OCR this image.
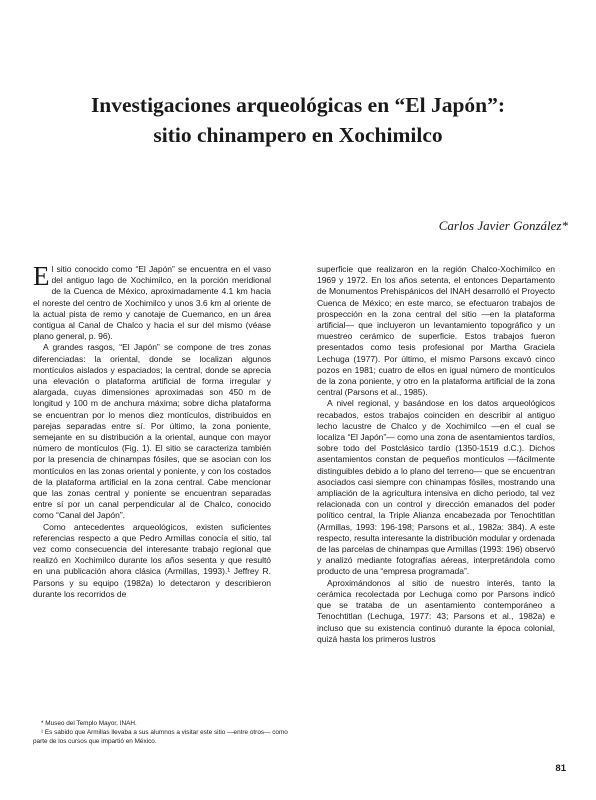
Investigaciones arqueológicas en “El Japón”:
sitio chinampero en Xochimilco
Carlos Javier González*

El sitio conocido como “El Japón” se encuentra en el vaso del antiguo lago de Xochimilco, en la porción meridional de la Cuenca de México, aproximadamente 4.1 km hacia el noreste del centro de Xochimilco y unos 3.6 km al oriente de la actual pista de remo y canotaje de Cuemanco, en un área contigua al Canal de Chalco y hacia el sur del mismo (véase plano general, p. 96).

A grandes rasgos, “El Japón” se compone de tres zonas diferenciadas: la oriental, donde se localizan algunos montículos aislados y espaciados; la central, donde se aprecia una elevación o plataforma artificial de forma irregular y alargada, cuyas dimensiones aproximadas son 450 m de longitud y 100 m de anchura máxima; sobre dicha plataforma se encuentran por lo menos diez montículos, distribuidos en parejas separadas entre sí. Por último, la zona poniente, semejante en su distribución a la oriental, aunque con mayor número de montículos (Fig. 1). El sitio se caracteriza también por la presencia de chinampas fósiles, que se asocian con los montículos en las zonas oriental y poniente, y con los costados de la plataforma artificial en la zona central. Cabe mencionar que las zonas central y poniente se encuentran separadas entre sí por un canal perpendicular al de Chalco, conocido como “Canal del Japón”.

Como antecedentes arqueológicos, existen suficientes referencias respecto a que Pedro Armillas conocía el sitio, tal vez como consecuencia del interesante trabajo regional que realizó en Xochimilco durante los años sesenta y que resultó en una publicación ahora clásica (Armillas, 1993).¹ Jeffrey R. Parsons y su equipo (1982a) lo detectaron y describieron durante los recorridos de

superficie que realizaron en la región Chalco-Xochimilco en 1969 y 1972. En los años setenta, el entonces Departamento de Monumentos Prehispánicos del INAH desarrolló el Proyecto Cuenca de México; en este marco, se efectuaron trabajos de prospección en la zona central del sitio —en la plataforma artificial— que incluyeron un levantamiento topográfico y un muestreo cerámico de superficie. Estos trabajos fueron presentados como tesis profesional por Martha Graciela Lechuga (1977). Por último, el mismo Parsons excavó cinco pozos en 1981; cuatro de ellos en igual número de montículos de la zona poniente, y otro en la plataforma artificial de la zona central (Parsons et al., 1985).

A nivel regional, y basándose en los datos arqueológicos recabados, estos trabajos coinciden en describir al antiguo lecho lacustre de Chalco y de Xochimilco —en el cual se localiza “El Japón”— como una zona de asentamientos tardíos, sobre todo del Postclásico tardío (1350-1519 d.C.). Dichos asentamientos constan de pequeños montículos —fácilmente distinguibles debido a lo plano del terreno— que se encuentran asociados casi siempre con chinampas fósiles, mostrando una ampliación de la agricultura intensiva en dicho periodo, tal vez relacionada con un control y dirección emanados del poder político central, la Triple Alianza encabezada por Tenochtitlan (Armillas, 1993: 196-198; Parsons et al., 1982a: 384). A este respecto, resulta interesante la distribución modular y ordenada de las parcelas de chinampas que Armillas (1993: 196) observó y analizó mediante fotografías aéreas, interpretándola como producto de una “empresa programada”.

Aproximándonos al sitio de nuestro interés, tanto la cerámica recolectada por Lechuga como por Parsons indicó que se trataba de un asentamiento contemporáneo a Tenochtitlan (Lechuga, 1977: 43; Parsons et al., 1982a) e incluso que su existencia continuó durante la época colonial, quizá hasta los primeros lustros

* Museo del Templo Mayor, INAH.

¹ Es sabido que Armillas llevaba a sus alumnos a visitar este sitio —entre otros— como parte de los cursos que impartió en México.

81
